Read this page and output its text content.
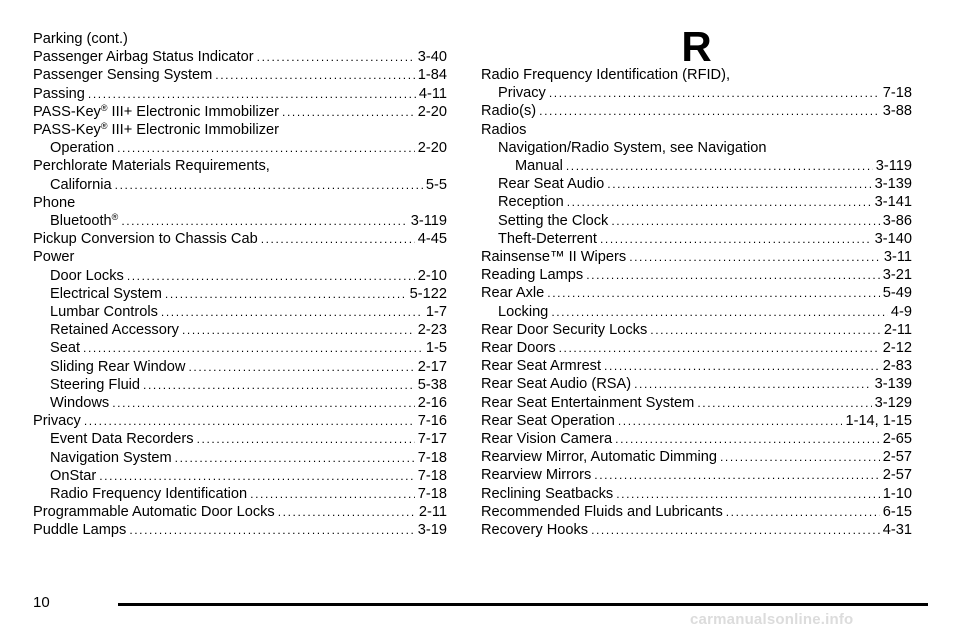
Parking (cont.)
Passenger Airbag Status Indicator .....	3-40
Passenger Sensing System .....	1-84
Passing .....	4-11
PASS-Key® III+ Electronic Immobilizer .....	2-20
PASS-Key® III+ Electronic Immobilizer
Operation .....	2-20
Perchlorate Materials Requirements,
California .....	5-5
Phone
Bluetooth® .....	3-119
Pickup Conversion to Chassis Cab .....	4-45
Power
Door Locks .....	2-10
Electrical System .....	5-122
Lumbar Controls .....	1-7
Retained Accessory .....	2-23
Seat .....	1-5
Sliding Rear Window .....	2-17
Steering Fluid .....	5-38
Windows .....	2-16
Privacy .....	7-16
Event Data Recorders .....	7-17
Navigation System .....	7-18
OnStar .....	7-18
Radio Frequency Identification .....	7-18
Programmable Automatic Door Locks .....	2-11
Puddle Lamps .....	3-19
R
Radio Frequency Identification (RFID),
Privacy .....	7-18
Radio(s) .....	3-88
Radios
Navigation/Radio System, see Navigation
Manual .....	3-119
Rear Seat Audio .....	3-139
Reception .....	3-141
Setting the Clock .....	3-86
Theft-Deterrent .....	3-140
Rainsense™ II Wipers .....	3-11
Reading Lamps .....	3-21
Rear Axle .....	5-49
Locking .....	4-9
Rear Door Security Locks .....	2-11
Rear Doors .....	2-12
Rear Seat Armrest .....	2-83
Rear Seat Audio (RSA) .....	3-139
Rear Seat Entertainment System .....	3-129
Rear Seat Operation .....	1-14, 1-15
Rear Vision Camera .....	2-65
Rearview Mirror, Automatic Dimming .....	2-57
Rearview Mirrors .....	2-57
Reclining Seatbacks .....	1-10
Recommended Fluids and Lubricants .....	6-15
Recovery Hooks .....	4-31
10
carmanualsonline.info
